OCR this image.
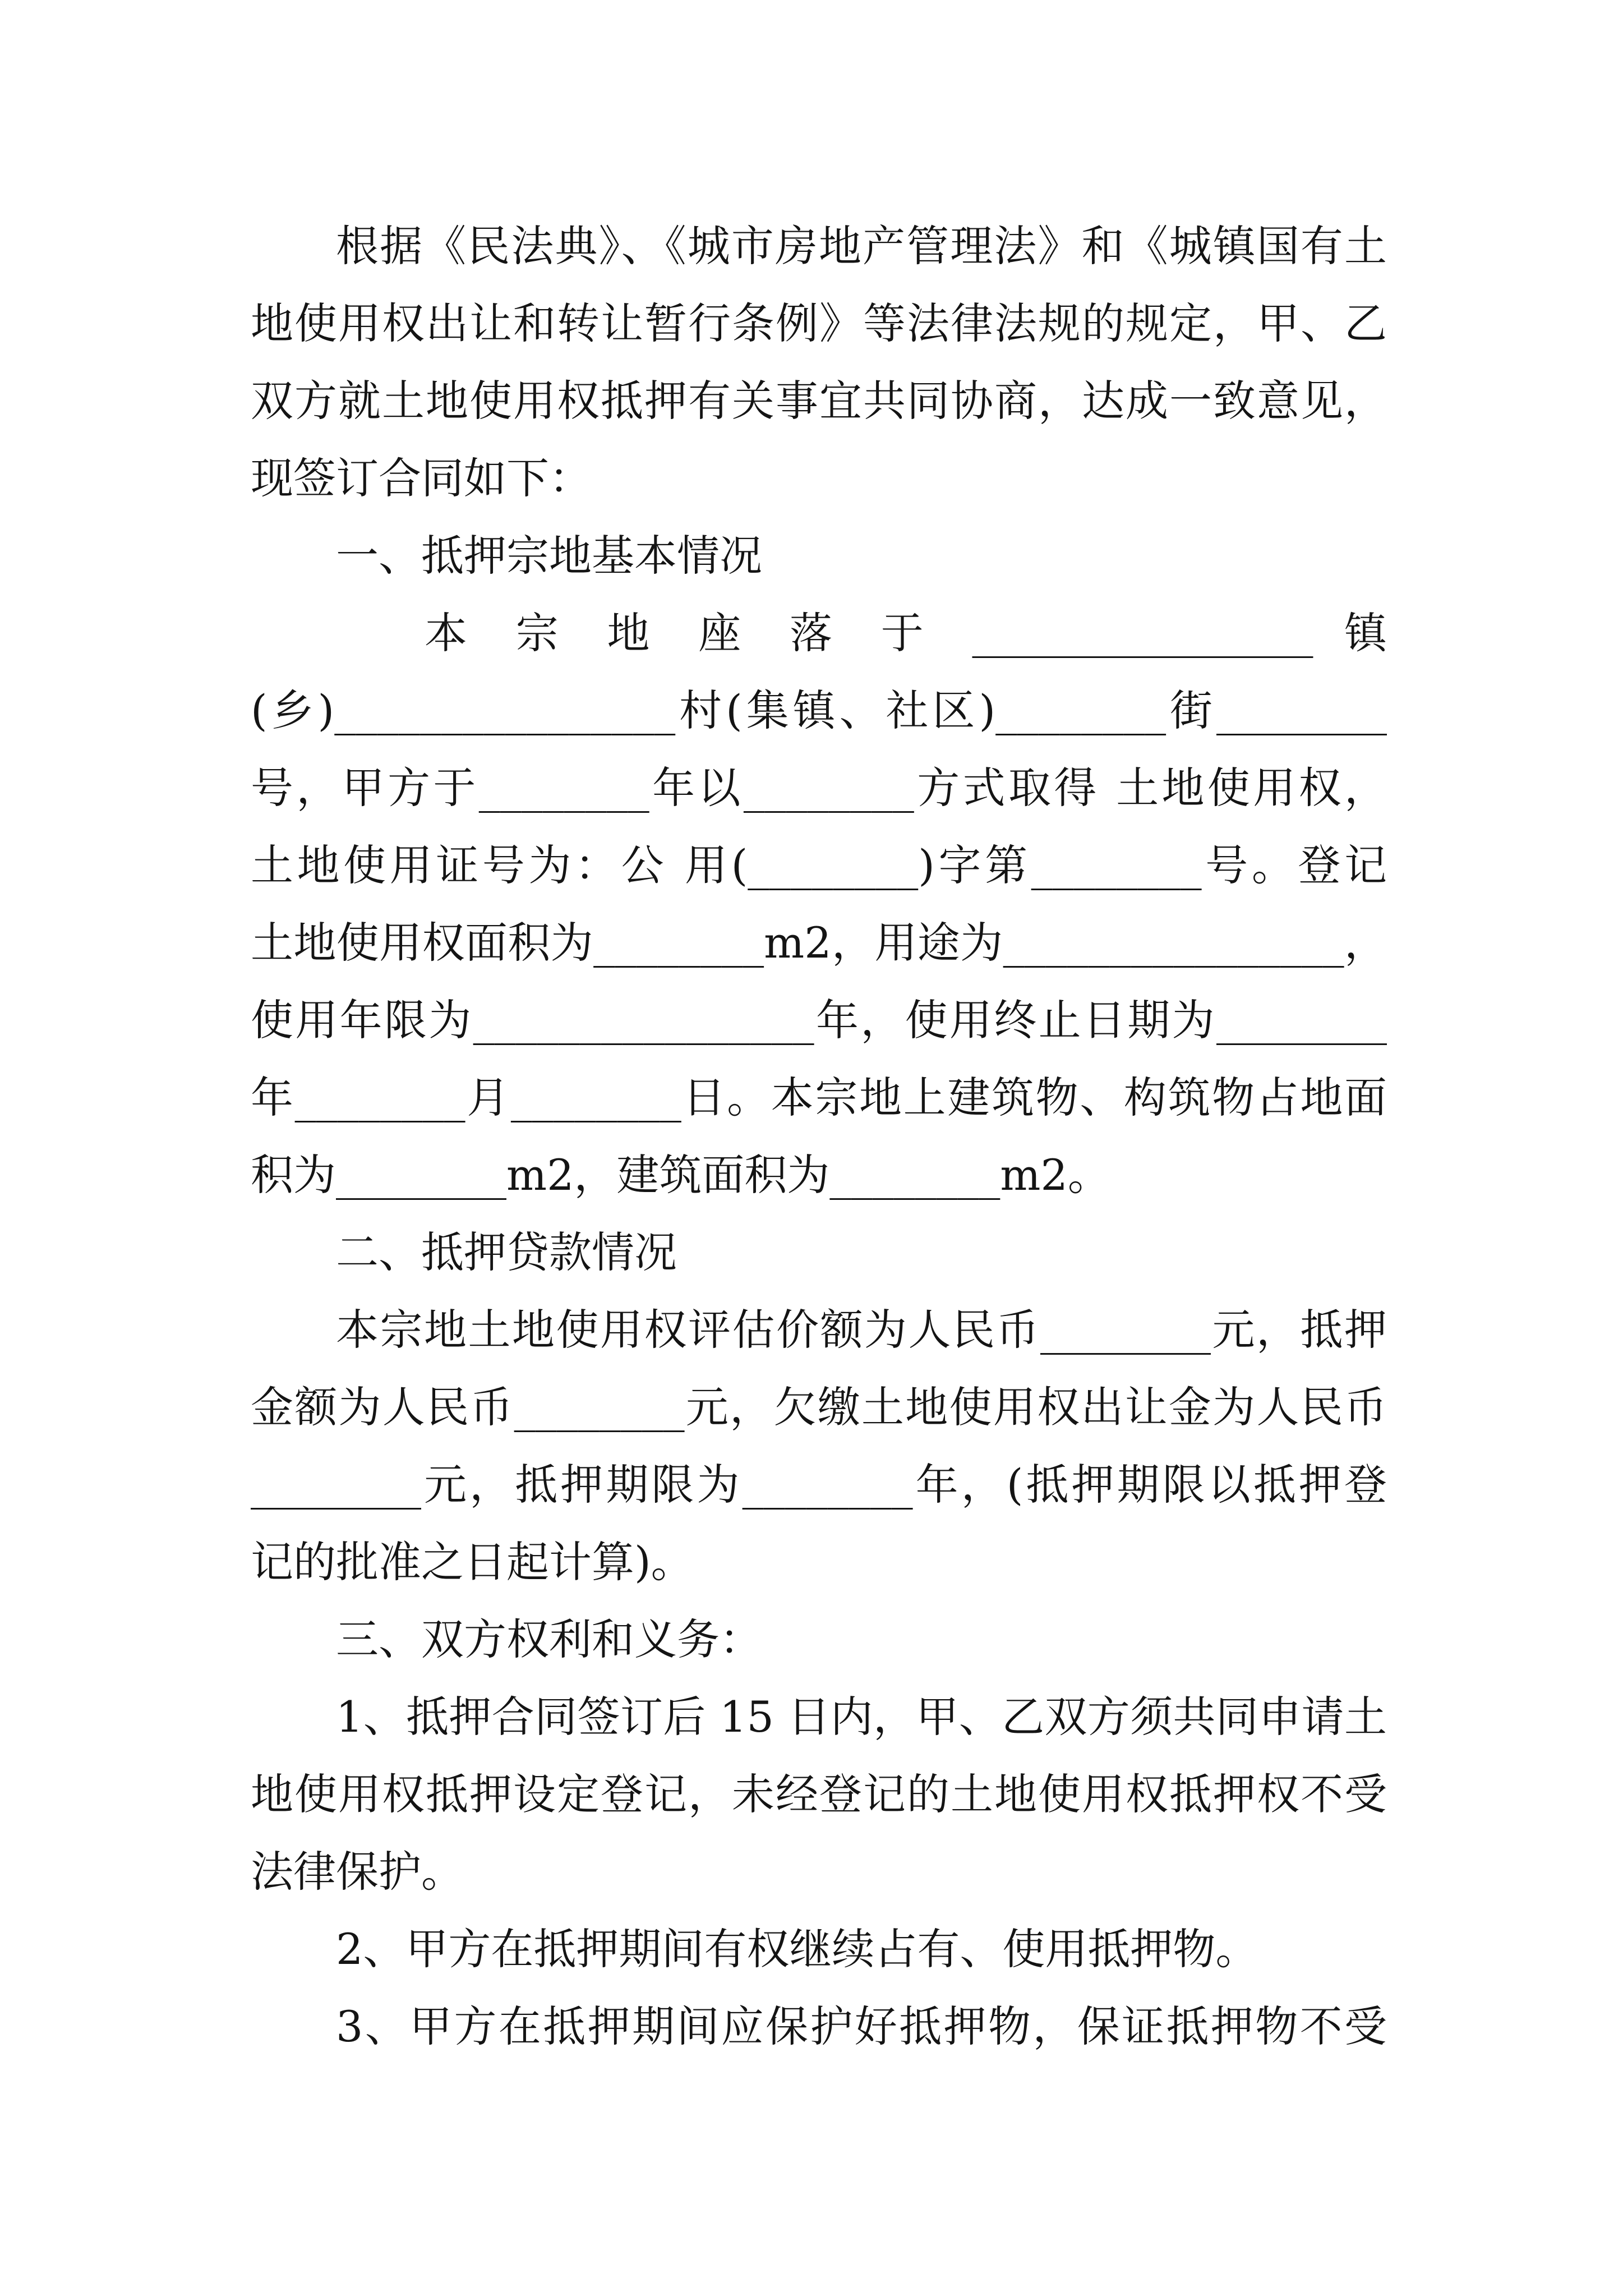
根据《民法典》、《城市房地产管理法》和《城镇国有土
地使用权出让和转让暂行条例》等法律法规的规定，甲、乙
双方就土地使用权抵押有关事宜共同协商，达成一致意见，
现签订合同如下：
一、抵押宗地基本情况
本 宗 地 座 落 于 ________________ 镇
(乡)________________村(集镇、社区)________街________
号，甲方于________年以________方式取得 土地使用权，
土地使用证号为：公 用(________)字第________号。登记
土地使用权面积为________m2，用途为________________，
使用年限为________________年，使用终止日期为________
年________月________日。本宗地上建筑物、构筑物占地面
积为________m2，建筑面积为________m2。
二、抵押贷款情况
本宗地土地使用权评估价额为人民币________元，抵押
金额为人民币________元，欠缴土地使用权出让金为人民币
________元，抵押期限为________年，(抵押期限以抵押登
记的批准之日起计算)。
三、双方权利和义务：
1、抵押合同签订后 15 日内，甲、乙双方须共同申请土
地使用权抵押设定登记，未经登记的土地使用权抵押权不受
法律保护。
2、甲方在抵押期间有权继续占有、使用抵押物。
3、甲方在抵押期间应保护好抵押物，保证抵押物不受
